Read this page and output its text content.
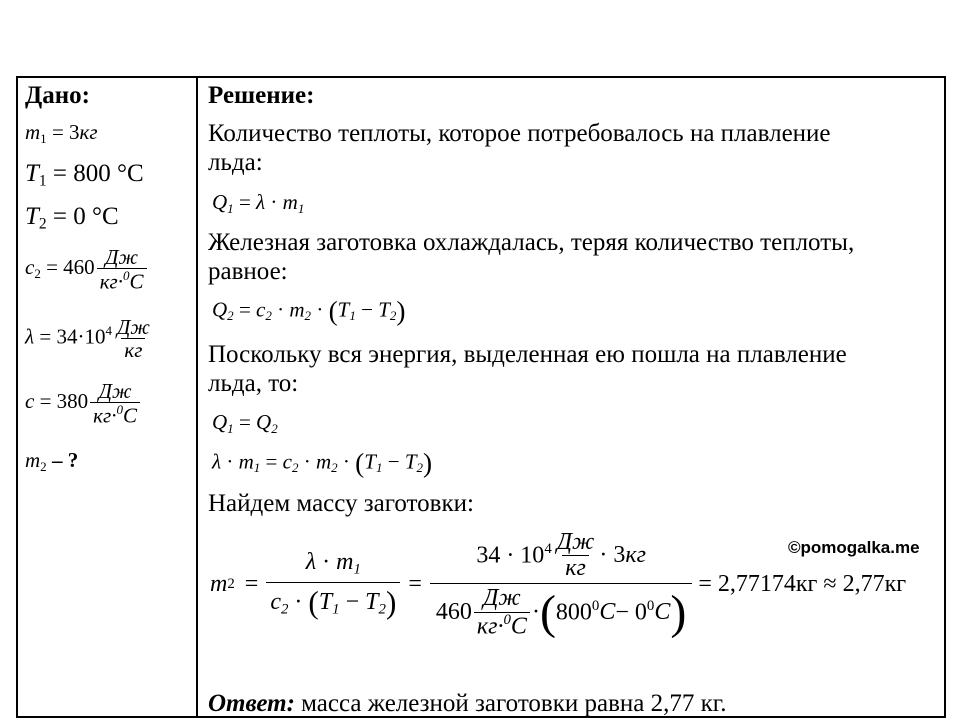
Дано:
$m_1 = 3кг$
$T_1 = 800$ °C
$T_2 = 0$ °C
$c_2 = 460 \frac{Дж}{кг\cdot^0C}$
$\lambda = 34\cdot 10^4 \frac{Дж}{кг}$
$c = 380 \frac{Дж}{кг\cdot^0C}$
$m_2$ – ?
Решение:
Количество теплоты, которое потребовалось на плавление
льда:
$Q_1 = \lambda \cdot m_1$
Железная заготовка охлаждалась, теряя количество теплоты,
равное:
$Q_2 = c_2 \cdot m_2 \cdot (T_1 - T_2)$
Поскольку вся энергия, выделенная ею пошла на плавление
льда, то:
$Q_1 = Q_2$
$\lambda \cdot m_1 = c_2 \cdot m_2 \cdot (T_1 - T_2)$
Найдем массу заготовки:
m $2 = \frac{\lambda \cdot m_1}{c_2 \cdot (T_1 - T_2)} = \frac{34 \cdot 10^4 \frac{Дж}{кг} \cdot 3 кг}{460 \frac{Дж}{кг\cdot^0C} \cdot ( 800^0 C - 0^0 C )} = 2,77174кг \approx 2,77кг$
©pomogalka.me
Ответ: масса железной заготовки равна 2,77 кг.
